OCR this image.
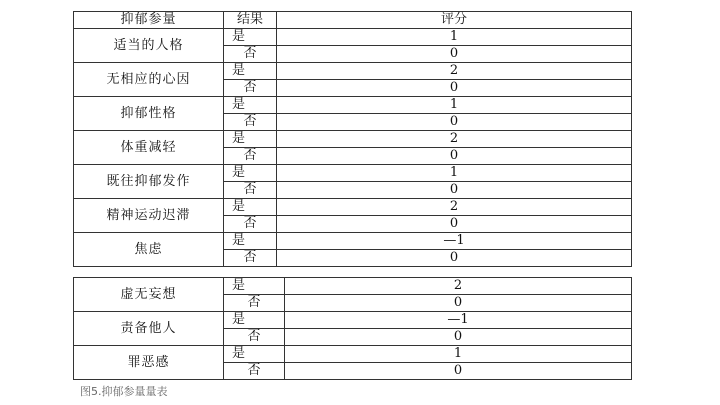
抑郁参量	结果	评分
适当的人格	是	1
	否	0
无相应的心因	是	2
	否	0
抑郁性格	是	1
	否	0
体重减轻	是	2
	否	0
既往抑郁发作	是	1
	否	0
精神运动迟滞	是	2
	否	0
焦虑	是	—1
	否	0
虚无妄想	是	2
	否	0
责备他人	是	—1
	否	0
罪恶感	是	1
	否	0
图5.抑郁参量量表
